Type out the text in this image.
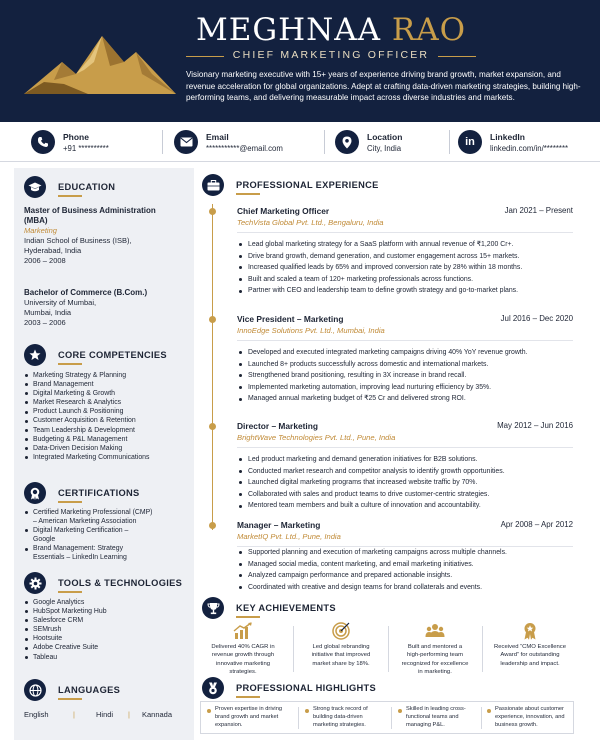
MEGHNAA RAO
CHIEF MARKETING OFFICER
Visionary marketing executive with 15+ years of experience driving brand growth, market expansion, and revenue acceleration for global organizations. Adept at crafting data-driven marketing strategies, building high-performing teams, and delivering measurable impact across diverse industries and markets.
Phone
+91 **********
Email
***********@email.com
Location
City, India
in LinkedIn
linkedin.com/in/********
EDUCATION
Master of Business Administration
(MBA)
Marketing
Indian School of Business (ISB),
Hyderabad, India
2006 – 2008
Bachelor of Commerce (B.Com.)
University of Mumbai,
Mumbai, India
2003 – 2006
CORE COMPETENCIES
Marketing Strategy & Planning
Brand Management
Digital Marketing & Growth
Market Research & Analytics
Product Launch & Positioning
Customer Acquisition & Retention
Team Leadership & Development
Budgeting & P&L Management
Data-Driven Decision Making
Integrated Marketing Communications
CERTIFICATIONS
Certified Marketing Professional (CMP)
– American Marketing Association
Digital Marketing Certification –
Google
Brand Management: Strategy
Essentials – LinkedIn Learning
TOOLS & TECHNOLOGIES
Google Analytics
HubSpot Marketing Hub
Salesforce CRM
SEMrush
Hootsuite
Adobe Creative Suite
Tableau
LANGUAGES
English	|	Hindi | Kannada
PROFESSIONAL EXPERIENCE
Chief Marketing Officer	Jan 2021 – Present
TechVista Global Pvt. Ltd., Bengaluru, India
Lead global marketing strategy for a SaaS platform with annual revenue of ₹1,200 Cr+.
Drive brand growth, demand generation, and customer engagement across 15+ markets.
Increased qualified leads by 65% and improved conversion rate by 28% within 18 months.
Built and scaled a team of 120+ marketing professionals across functions.
Partner with CEO and leadership team to define growth strategy and go-to-market plans.
Vice President – Marketing	Jul 2016 – Dec 2020
InnoEdge Solutions Pvt. Ltd., Mumbai, India
Developed and executed integrated marketing campaigns driving 40% YoY revenue growth.
Launched 8+ products successfully across domestic and international markets.
Strengthened brand positioning, resulting in 3X increase in brand recall.
Implemented marketing automation, improving lead nurturing efficiency by 35%.
Managed annual marketing budget of ₹25 Cr and delivered strong ROI.
Director – Marketing	May 2012 – Jun 2016
BrightWave Technologies Pvt. Ltd., Pune, India
Led product marketing and demand generation initiatives for B2B solutions.
Conducted market research and competitor analysis to identify growth opportunities.
Launched digital marketing programs that increased website traffic by 70%.
Collaborated with sales and product teams to drive customer-centric strategies.
Mentored team members and built a culture of innovation and accountability.
Manager – Marketing	Apr 2008 – Apr 2012
MarketIQ Pvt. Ltd., Pune, India
Supported planning and execution of marketing campaigns across multiple channels.
Managed social media, content marketing, and email marketing initiatives.
Analyzed campaign performance and prepared actionable insights.
Coordinated with creative and design teams for brand collaterals and events.
KEY ACHIEVEMENTS
Delivered 40% CAGR in
revenue growth through
innovative marketing
strategies.
Led global rebranding
initiative that improved
market share by 18%.
Built and mentored a
high-performing team
recognized for excellence
in marketing.
Received “CMO Excellence
Award” for outstanding
leadership and impact.
PROFESSIONAL HIGHLIGHTS
Proven expertise in driving
brand growth and market
expansion.
Strong track record of
building data-driven
marketing strategies.
Skilled in leading cross-
functional teams and
managing P&L.
Passionate about customer
experience, innovation, and
business growth.
